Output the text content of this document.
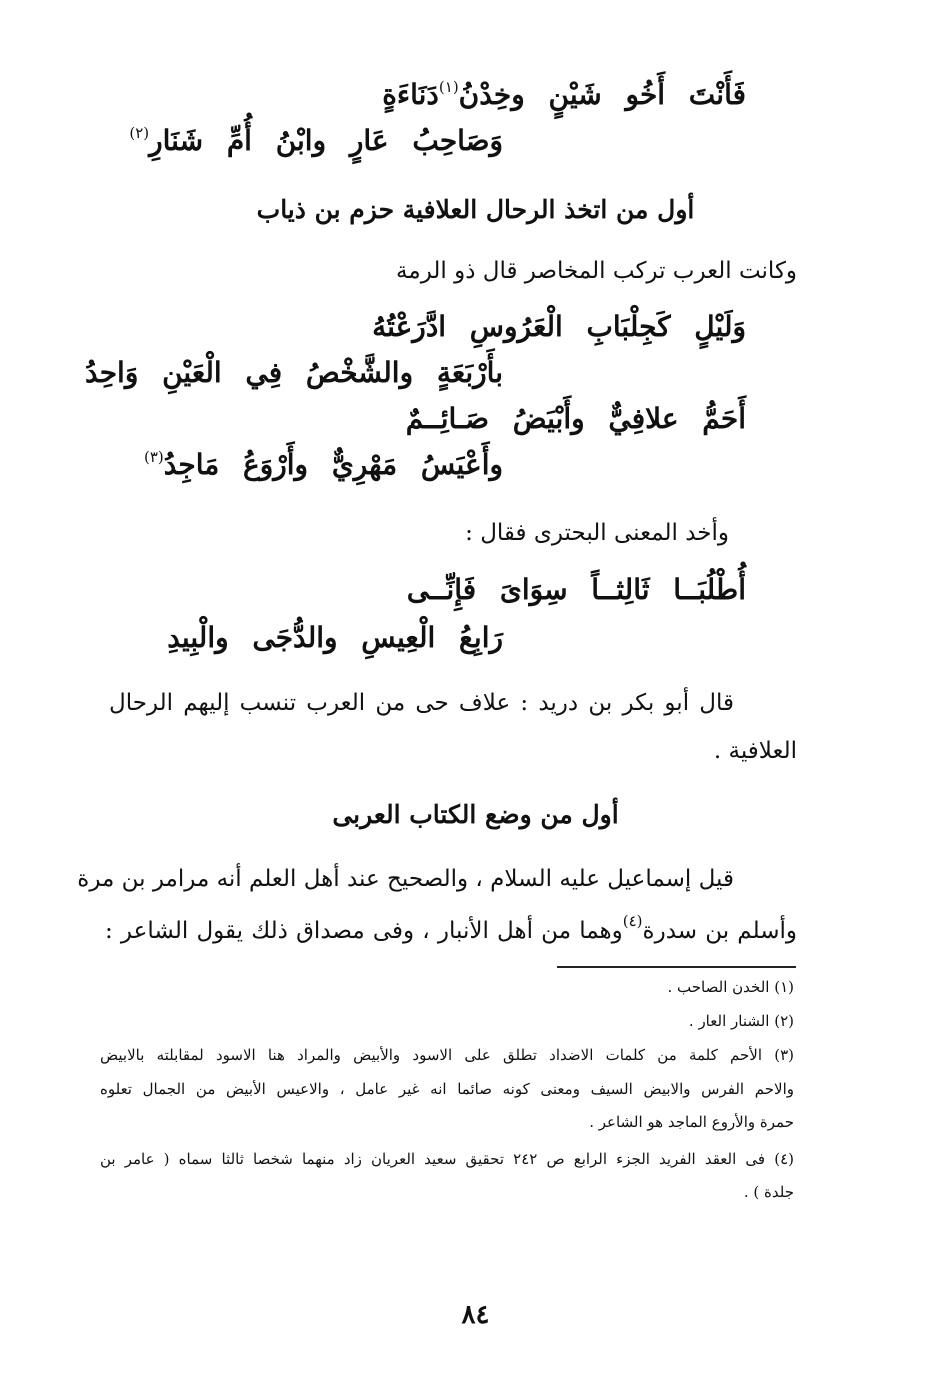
فَأَنْتَ أَخُو شَيْنٍ وخِدْنُ$^{(١)}$دَنَاءَةٍ
وَصَاحِبُ عَارٍ وابْنُ أُمِّ شَنَارِ$^{(٢)}$
أول من اتخذ الرحال العلافية حزم بن ذياب
وكانت العرب تركب المخاصر قال ذو الرمة
وَلَيْلٍ كَجِلْبَابِ الْعَرُوسِ ادَّرَعْتُهُ
بأَرْبَعَةٍ والشَّخْصُ فِي الْعَيْنِ وَاحِدُ
أَحَمُّ علافِيٌّ وأَبْيَضُ صَـائِــمٌ
وأَعْيَسُ مَهْرِيٌّ وأَرْوَعُ مَاجِدُ$^{(٣)}$
وأخد المعنى البحترى فقال :
أُطْلُبَــا ثَالِثــاً سِوَاىَ فَإِنِّــى
رَابِعُ الْعِيسِ والدُّجَى والْبِيدِ
قال أبو بكر بن دريد : علاف حى من العرب تنسب إليهم الرحال
العلافية .
أول من وضع الكتاب العربى
قيل إسماعيل عليه السلام ، والصحيح عند أهل العلم أنه مرامر بن مرة
وأسلم بن سدرة$^{(٤)}$وهما من أهل الأنبار ، وفى مصداق ذلك يقول الشاعر :
(١) الخدن الصاحب .
(٢) الشنار العار .
(٣) الأحم كلمة من كلمات الاضداد تطلق على الاسود والأبيض والمراد هنا الاسود لمقابلته بالابيض
والاحم الفرس والابيض السيف ومعنى كونه صائما انه غير عامل ، والاعيس الأبيض من الجمال تعلوه
حمرة والأروع الماجد هو الشاعر .
(٤) فى العقد الفريد الجزء الرابع ص ٢٤٢ تحقيق سعيد العريان زاد منهما شخصا ثالثا سماه ( عامر بن
جلدة ) .
٨٤
